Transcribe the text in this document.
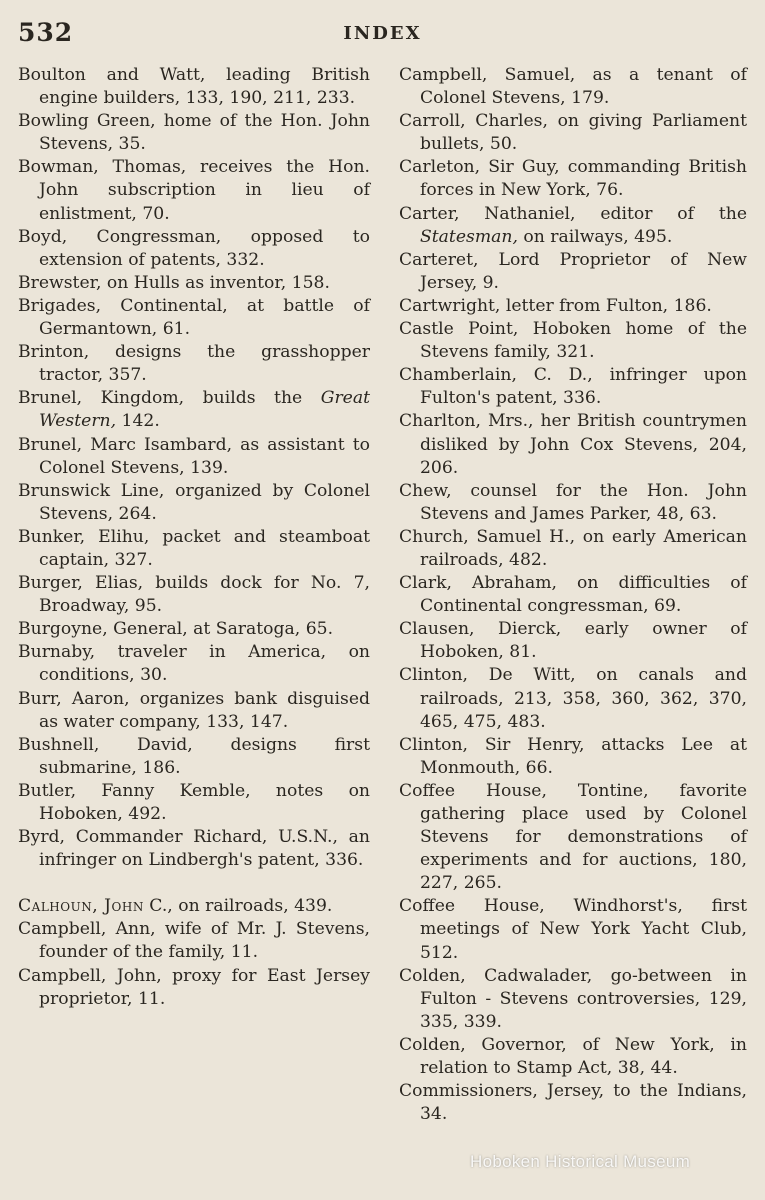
532	INDEX

Boulton and Watt, leading British engine builders, 133, 190, 211, 233.

Bowling Green, home of the Hon. John Stevens, 35.

Bowman, Thomas, receives the Hon. John subscription in lieu of enlistment, 70.

Boyd, Congressman, opposed to extension of patents, 332.

Brewster, on Hulls as inventor, 158.

Brigades, Continental, at battle of Germantown, 61.

Brinton, designs the grasshopper tractor, 357.

Brunel, Kingdom, builds the Great Western, 142.

Brunel, Marc Isambard, as assistant to Colonel Stevens, 139.

Brunswick Line, organized by Colonel Stevens, 264.

Bunker, Elihu, packet and steamboat captain, 327.

Burger, Elias, builds dock for No. 7, Broadway, 95.

Burgoyne, General, at Saratoga, 65.

Burnaby, traveler in America, on conditions, 30.

Burr, Aaron, organizes bank disguised as water company, 133, 147.

Bushnell, David, designs first submarine, 186.

Butler, Fanny Kemble, notes on Hoboken, 492.

Byrd, Commander Richard, U.S.N., an infringer on Lindbergh's patent, 336.

Calhoun, John C., on railroads, 439.

Campbell, Ann, wife of Mr. J. Stevens, founder of the family, 11.

Campbell, John, proxy for East Jersey proprietor, 11.

Campbell, Samuel, as a tenant of Colonel Stevens, 179.

Carroll, Charles, on giving Parliament bullets, 50.

Carleton, Sir Guy, commanding British forces in New York, 76.

Carter, Nathaniel, editor of the Statesman, on railways, 495.

Carteret, Lord Proprietor of New Jersey, 9.

Cartwright, letter from Fulton, 186.

Castle Point, Hoboken home of the Stevens family, 321.

Chamberlain, C. D., infringer upon Fulton's patent, 336.

Charlton, Mrs., her British countrymen disliked by John Cox Stevens, 204, 206.

Chew, counsel for the Hon. John Stevens and James Parker, 48, 63.

Church, Samuel H., on early American railroads, 482.

Clark, Abraham, on difficulties of Continental congressman, 69.

Clausen, Dierck, early owner of Hoboken, 81.

Clinton, De Witt, on canals and railroads, 213, 358, 360, 362, 370, 465, 475, 483.

Clinton, Sir Henry, attacks Lee at Monmouth, 66.

Coffee House, Tontine, favorite gathering place used by Colonel Stevens for demonstrations of experiments and for auctions, 180, 227, 265.

Coffee House, Windhorst's, first meetings of New York Yacht Club, 512.

Colden, Cadwalader, go-between in Fulton - Stevens controversies, 129, 335, 339.

Colden, Governor, of New York, in relation to Stamp Act, 38, 44.

Commissioners, Jersey, to the Indians, 34.

Hoboken Historical Museum
